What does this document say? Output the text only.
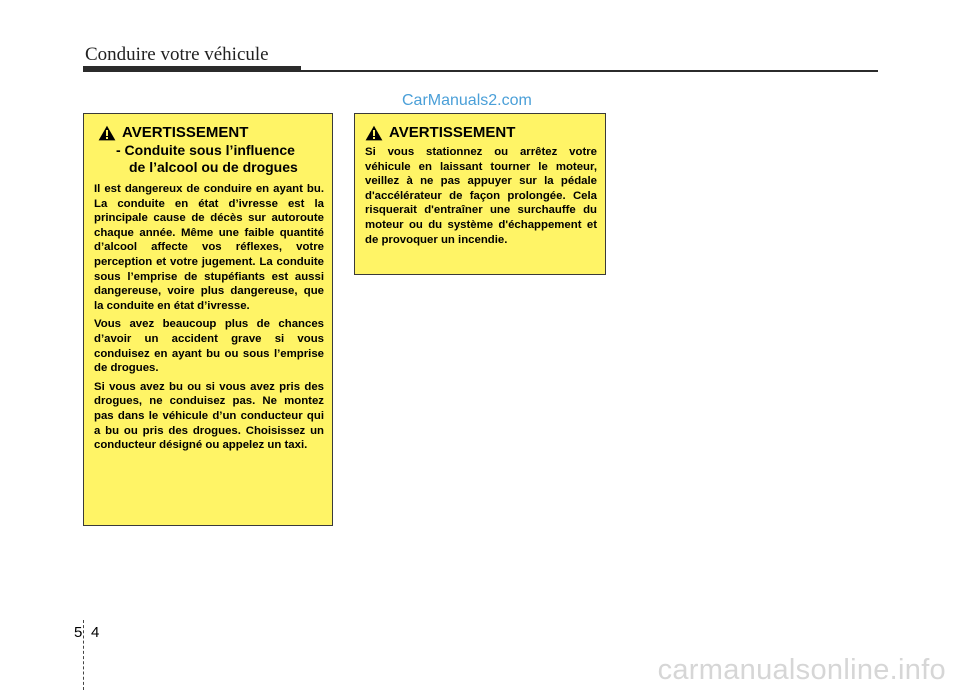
Conduire votre véhicule
CarManuals2.com
AVERTISSEMENT
- Conduite sous l’influence
de l’alcool ou de drogues

Il est dangereux de conduire en ayant bu. La conduite en état d’ivresse est la principale cause de décès sur autoroute chaque année. Même une faible quantité d’alcool affecte vos réflexes, votre perception et votre jugement. La conduite sous l’emprise de stupéfiants est aussi dangereuse, voire plus dangereuse, que la conduite en état d’ivresse.

Vous avez beaucoup plus de chances d’avoir un accident grave si vous conduisez en ayant bu ou sous l’emprise de drogues.

Si vous avez bu ou si vous avez pris des drogues, ne conduisez pas. Ne montez pas dans le véhicule d’un conducteur qui a bu ou pris des drogues. Choisissez un conducteur désigné ou appelez un taxi.

AVERTISSEMENT

Si vous stationnez ou arrêtez votre véhicule en laissant tourner le moteur, veillez à ne pas appuyer sur la pédale d'accélérateur de façon prolongée. Cela risquerait d'entraîner une surchauffe du moteur ou du système d'échappement et de provoquer un incendie.

5 4
carmanualsonline.info
